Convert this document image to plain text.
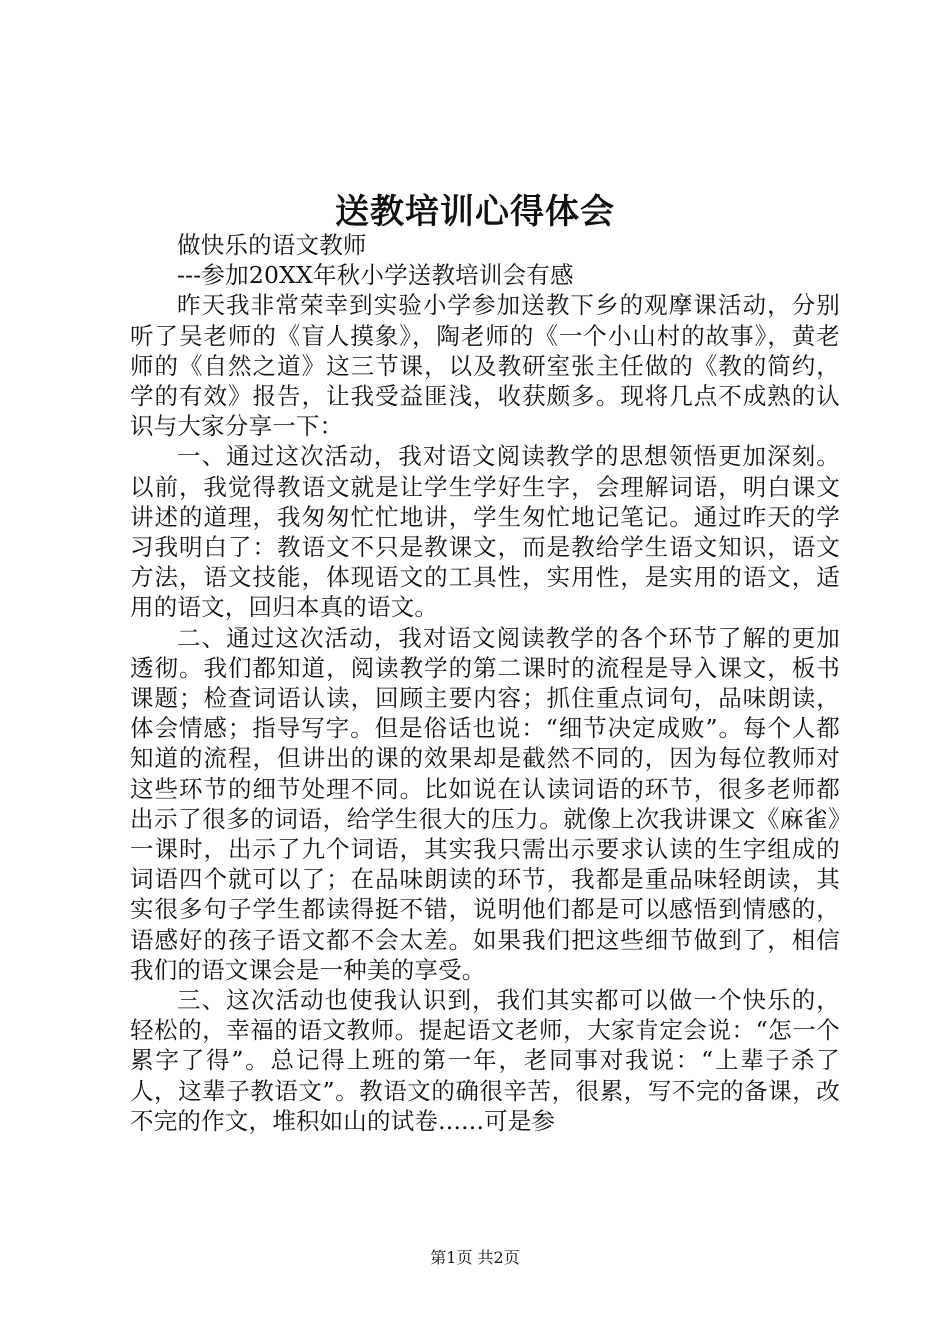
送教培训心得体会

做快乐的语文教师

---参加20XX年秋小学送教培训会有感

昨天我非常荣幸到实验小学参加送教下乡的观摩课活动，分别听了吴老师的《盲人摸象》，陶老师的《一个小山村的故事》，黄老师的《自然之道》这三节课，以及教研室张主任做的《教的简约，学的有效》报告，让我受益匪浅，收获颇多。现将几点不成熟的认识与大家分享一下：

一、通过这次活动，我对语文阅读教学的思想领悟更加深刻。以前，我觉得教语文就是让学生学好生字，会理解词语，明白课文讲述的道理，我匆匆忙忙地讲，学生匆忙地记笔记。通过昨天的学习我明白了：教语文不只是教课文，而是教给学生语文知识，语文方法，语文技能，体现语文的工具性，实用性，是实用的语文，适用的语文，回归本真的语文。

二、通过这次活动，我对语文阅读教学的各个环节了解的更加透彻。我们都知道，阅读教学的第二课时的流程是导入课文，板书课题；检查词语认读，回顾主要内容；抓住重点词句，品味朗读，体会情感；指导写字。但是俗话也说：“细节决定成败”。每个人都知道的流程，但讲出的课的效果却是截然不同的，因为每位教师对这些环节的细节处理不同。比如说在认读词语的环节，很多老师都出示了很多的词语，给学生很大的压力。就像上次我讲课文《麻雀》一课时，出示了九个词语，其实我只需出示要求认读的生字组成的词语四个就可以了；在品味朗读的环节，我都是重品味轻朗读，其实很多句子学生都读得挺不错，说明他们都是可以感悟到情感的，语感好的孩子语文都不会太差。如果我们把这些细节做到了，相信我们的语文课会是一种美的享受。

三、这次活动也使我认识到，我们其实都可以做一个快乐的，轻松的，幸福的语文教师。提起语文老师，大家肯定会说：“怎一个累字了得”。总记得上班的第一年，老同事对我说：“上辈子杀了人，这辈子教语文”。教语文的确很辛苦，很累，写不完的备课，改不完的作文，堆积如山的试卷......可是参

第1页 共2页
